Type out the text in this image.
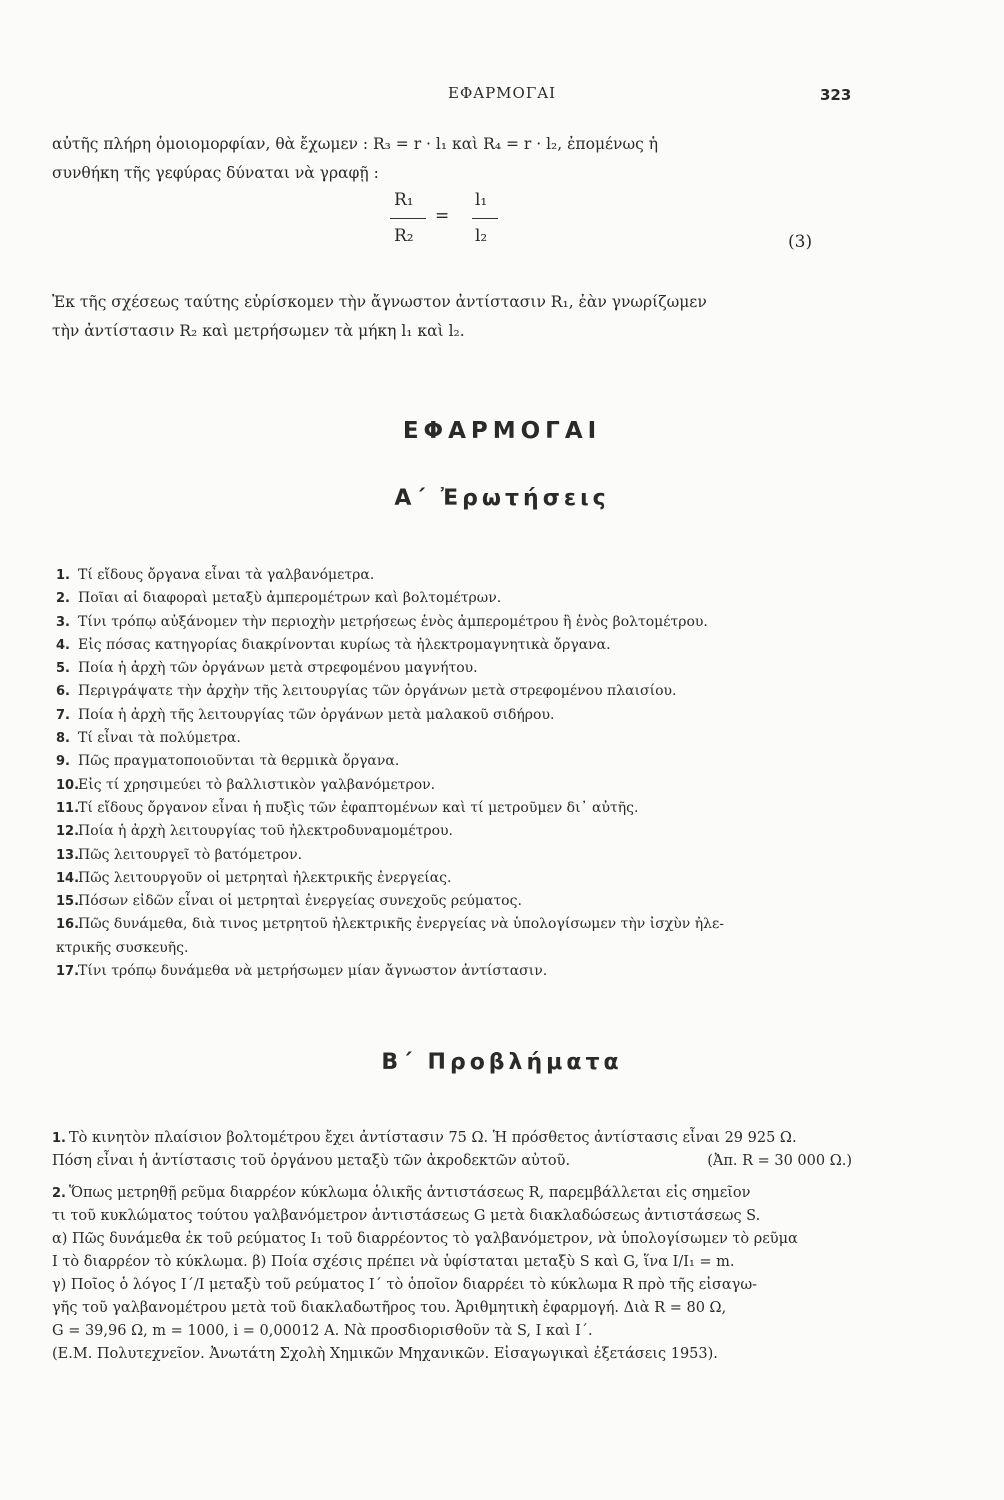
ΕΦΑΡΜΟΓΑΙ	323
αὐτῆς πλήρη ὁμοιομορφίαν, θὰ ἔχωμεν : R₃ = r · l₁ καὶ R₄ = r · l₂, ἐπομένως ἡ
συνθήκη τῆς γεφύρας δύναται νὰ γραφῇ :
R₁
R₂
=
l₁
l₂	(3)
Ἐκ τῆς σχέσεως ταύτης εὑρίσκομεν τὴν ἄγνωστον ἀντίστασιν R₁, ἐὰν γνωρίζωμεν
τὴν ἀντίστασιν R₂ καὶ μετρήσωμεν τὰ μήκη l₁ καὶ l₂.
ΕΦΑΡΜΟΓΑΙ
Α΄ Ἐρωτήσεις
1. Τί εἴδους ὄργανα εἶναι τὰ γαλβανόμετρα.
2. Ποῖαι αἱ διαφοραὶ μεταξὺ ἀμπερομέτρων καὶ βολτομέτρων.
3. Τίνι τρόπῳ αὐξάνομεν τὴν περιοχὴν μετρήσεως ἑνὸς ἀμπερομέτρου ἢ ἑνὸς βολτομέτρου.
4. Εἰς πόσας κατηγορίας διακρίνονται κυρίως τὰ ἠλεκτρομαγνητικὰ ὄργανα.
5. Ποία ἡ ἀρχὴ τῶν ὀργάνων μετὰ στρεφομένου μαγνήτου.
6. Περιγράψατε τὴν ἀρχὴν τῆς λειτουργίας τῶν ὀργάνων μετὰ στρεφομένου πλαισίου.
7. Ποία ἡ ἀρχὴ τῆς λειτουργίας τῶν ὀργάνων μετὰ μαλακοῦ σιδήρου.
8. Τί εἶναι τὰ πολύμετρα.
9. Πῶς πραγματοποιοῦνται τὰ θερμικὰ ὄργανα.
10.
Εἰς τί χρησιμεύει τὸ βαλλιστικὸν γαλβανόμετρον.
11.
Τί εἴδους ὄργανον εἶναι ἡ πυξὶς τῶν ἐφαπτομένων καὶ τί μετροῦμεν δι᾽ αὐτῆς.
12.
Ποία ἡ ἀρχὴ λειτουργίας τοῦ ἠλεκτροδυναμομέτρου.
13.
Πῶς λειτουργεῖ τὸ βατόμετρον.
14.
Πῶς λειτουργοῦν οἱ μετρηταὶ ἠλεκτρικῆς ἐνεργείας.
15.
Πόσων εἰδῶν εἶναι οἱ μετρηταὶ ἐνεργείας συνεχοῦς ρεύματος.
16.
Πῶς δυνάμεθα, διὰ τινος μετρητοῦ ἠλεκτρικῆς ἐνεργείας νὰ ὑπολογίσωμεν τὴν ἰσχὺν ἠλε-
κτρικῆς συσκευῆς.
17.
Τίνι τρόπῳ δυνάμεθα νὰ μετρήσωμεν μίαν ἄγνωστον ἀντίστασιν.
Β΄ Προβλήματα
1. Τὸ κινητὸν πλαίσιον βολτομέτρου ἔχει ἀντίστασιν 75 Ω. Ἡ πρόσθετος ἀντίστασις εἶναι 29 925 Ω.
Πόση εἶναι ἡ ἀντίστασις τοῦ ὀργάνου μεταξὺ τῶν ἀκροδεκτῶν αὐτοῦ.	(Ἀπ. R = 30 000 Ω.)
2. Ὅπως μετρηθῇ ρεῦμα διαρρέον κύκλωμα ὁλικῆς ἀντιστάσεως R, παρεμβάλλεται εἰς σημεῖον
τι τοῦ κυκλώματος τούτου γαλβανόμετρον ἀντιστάσεως G μετὰ διακλαδώσεως ἀντιστάσεως S.
α) Πῶς δυνάμεθα ἐκ τοῦ ρεύματος I₁ τοῦ διαρρέοντος τὸ γαλβανόμετρον, νὰ ὑπολογίσωμεν τὸ ρεῦμα
I τὸ διαρρέον τὸ κύκλωμα. β) Ποία σχέσις πρέπει νὰ ὑφίσταται μεταξὺ S καὶ G, ἵνα I/I₁ = m.
γ) Ποῖος ὁ λόγος I΄/I μεταξὺ τοῦ ρεύματος I΄ τὸ ὁποῖον διαρρέει τὸ κύκλωμα R πρὸ τῆς εἰσαγω-
γῆς τοῦ γαλβανομέτρου μετὰ τοῦ διακλαδωτῆρος του. Ἀριθμητικὴ ἐφαρμογή. Διὰ R = 80 Ω,
G = 39,96 Ω, m = 1000, i = 0,00012 A. Νὰ προσδιορισθοῦν τὰ S, I καὶ I΄.
(Ε.Μ. Πολυτεχνεῖον. Ἀνωτάτη Σχολὴ Χημικῶν Μηχανικῶν. Εἰσαγωγικαὶ ἐξετάσεις 1953).
